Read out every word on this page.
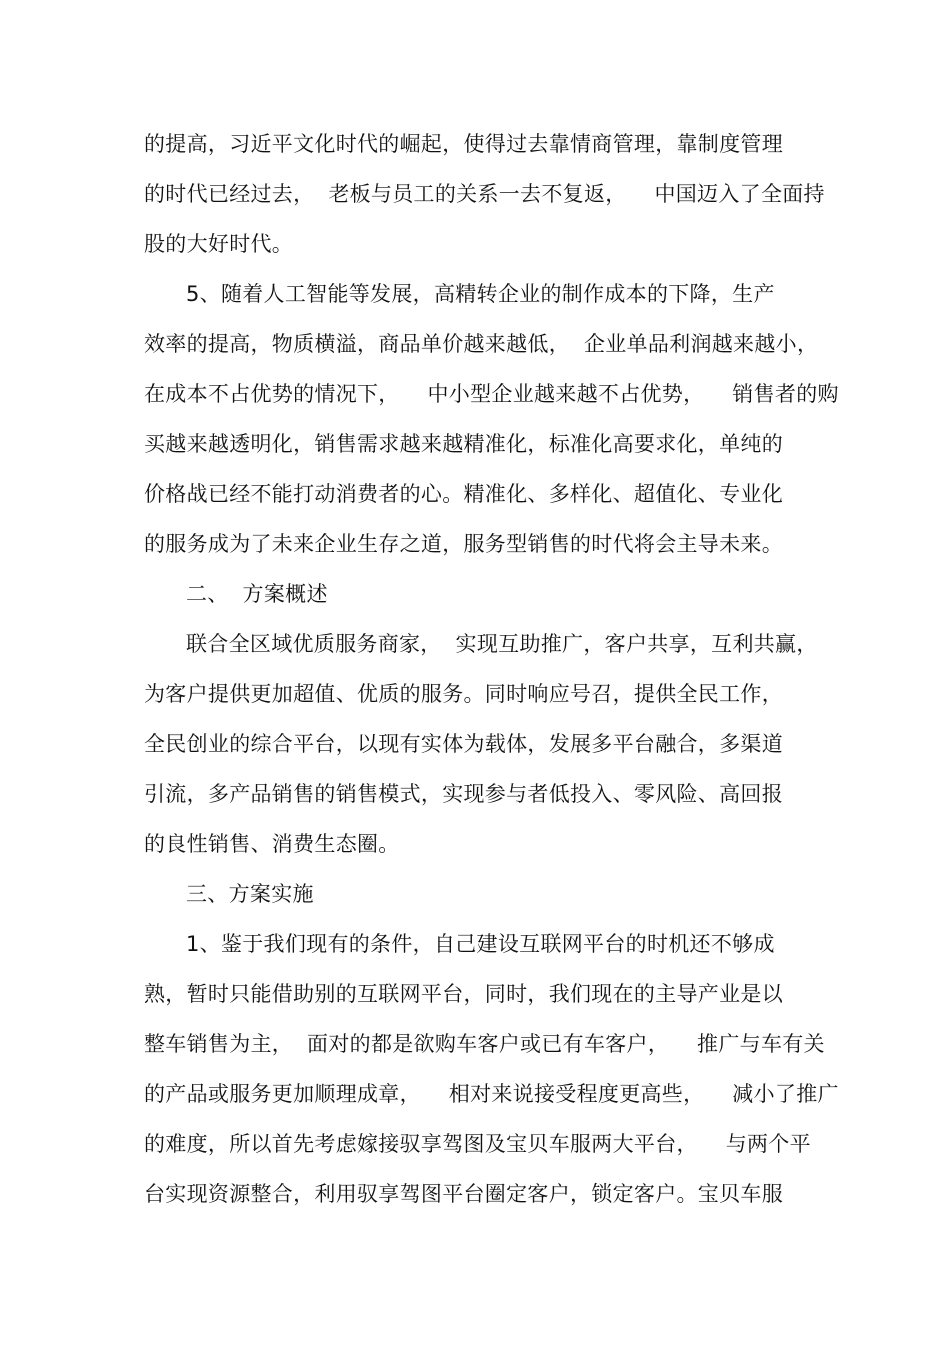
的提高，习近平文化时代的崛起，使得过去靠情商管理，靠制度管理
的时代已经过去，  老板与员工的关系一去不复返，    中国迈入了全面持
股的大好时代。
5、随着人工智能等发展，高精转企业的制作成本的下降，生产
效率的提高，物质横溢，商品单价越来越低，  企业单品利润越来越小，
在成本不占优势的情况下，    中小型企业越来越不占优势，    销售者的购
买越来越透明化，销售需求越来越精准化，标准化高要求化，单纯的
价格战已经不能打动消费者的心。精准化、多样化、超值化、专业化
的服务成为了未来企业生存之道，服务型销售的时代将会主导未来。
二、  方案概述
联合全区域优质服务商家，  实现互助推广，客户共享，互利共赢，
为客户提供更加超值、优质的服务。同时响应号召，提供全民工作，
全民创业的综合平台，以现有实体为载体，发展多平台融合，多渠道
引流，多产品销售的销售模式，实现参与者低投入、零风险、高回报
的良性销售、消费生态圈。
三、方案实施
1、鉴于我们现有的条件，自己建设互联网平台的时机还不够成
熟，暂时只能借助别的互联网平台，同时，我们现在的主导产业是以
整车销售为主，  面对的都是欲购车客户或已有车客户，    推广与车有关
的产品或服务更加顺理成章，    相对来说接受程度更高些，    减小了推广
的难度，所以首先考虑嫁接驭享驾图及宝贝车服两大平台，    与两个平
台实现资源整合，利用驭享驾图平台圈定客户，锁定客户。宝贝车服
